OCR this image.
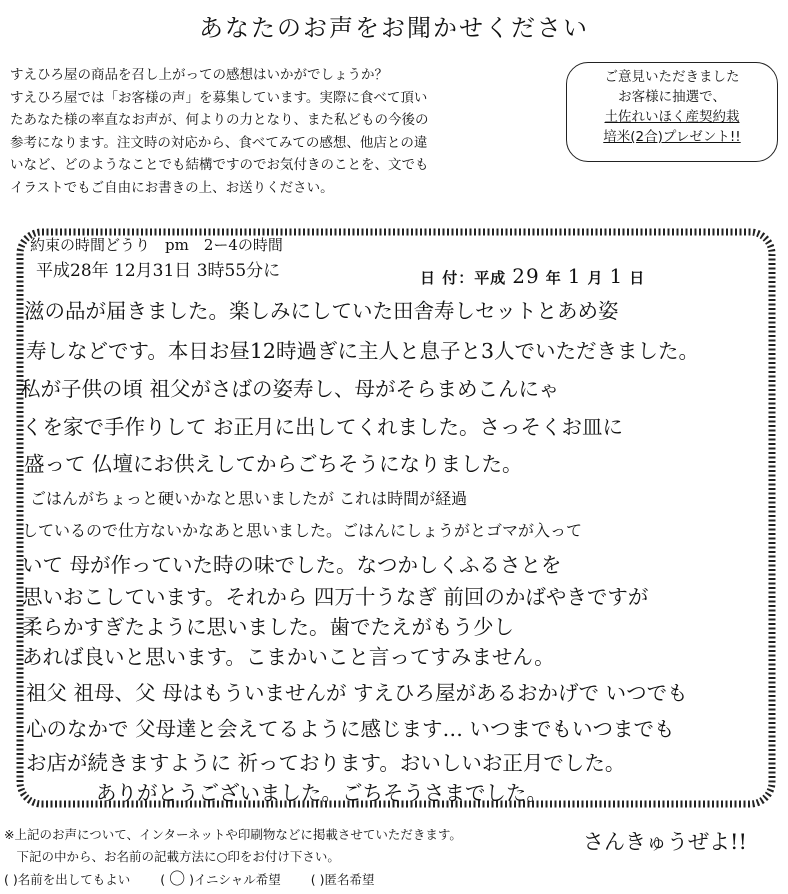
あなたのお声をお聞かせください
すえひろ屋の商品を召し上がっての感想はいかがでしょうか？
すえひろ屋では「お客様の声」を募集しています。実際に食べて頂い
たあなた様の率直なお声が、何よりの力となり、また私どもの今後の
参考になります。注文時の対応から、食べてみての感想、他店との違
いなど、どのようなことでも結構ですのでお気付きのことを、文でも
イラストでもご自由にお書きの上、お送りください。
ご意見いただきました
お客様に抽選で、
土佐れいほく産契約栽
培米(2合)プレゼント!!
日 付：平成 29 年 1 月 1 日
約束の時間どうり　pm　2ー4の時間
平成28年 12月31日 3時55分に
滋の品が届きました。楽しみにしていた田舎寿しセットとあめ姿
寿しなどです。本日お昼12時過ぎに主人と息子と3人でいただきました。
私が子供の頃 祖父がさばの姿寿し、母がそらまめこんにゃ
くを家で手作りして お正月に出してくれました。さっそくお皿に
盛って 仏壇にお供えしてからごちそうになりました。
ごはんがちょっと硬いかなと思いましたが これは時間が経過
しているので仕方ないかなあと思いました。ごはんにしょうがとゴマが入って
いて 母が作っていた時の味でした。なつかしくふるさとを
思いおこしています。それから 四万十うなぎ 前回のかばやきですが
柔らかすぎたように思いました。歯でたえがもう少し
あれば良いと思います。こまかいこと言ってすみません。
祖父 祖母、父 母はもういませんが すえひろ屋があるおかげで いつでも
心のなかで 父母達と会えてるように感じます… いつまでもいつまでも
お店が続きますように 祈っております。おいしいお正月でした。
ありがとうございました。ごちそうさまでした。
※上記のお声について、インターネットや印刷物などに掲載させていただきます。
　下記の中から、お名前の記載方法に○印をお付け下さい。
( )名前を出してもよい ( 〇 )イニシャル希望 ( )匿名希望
さんきゅうぜよ!!
